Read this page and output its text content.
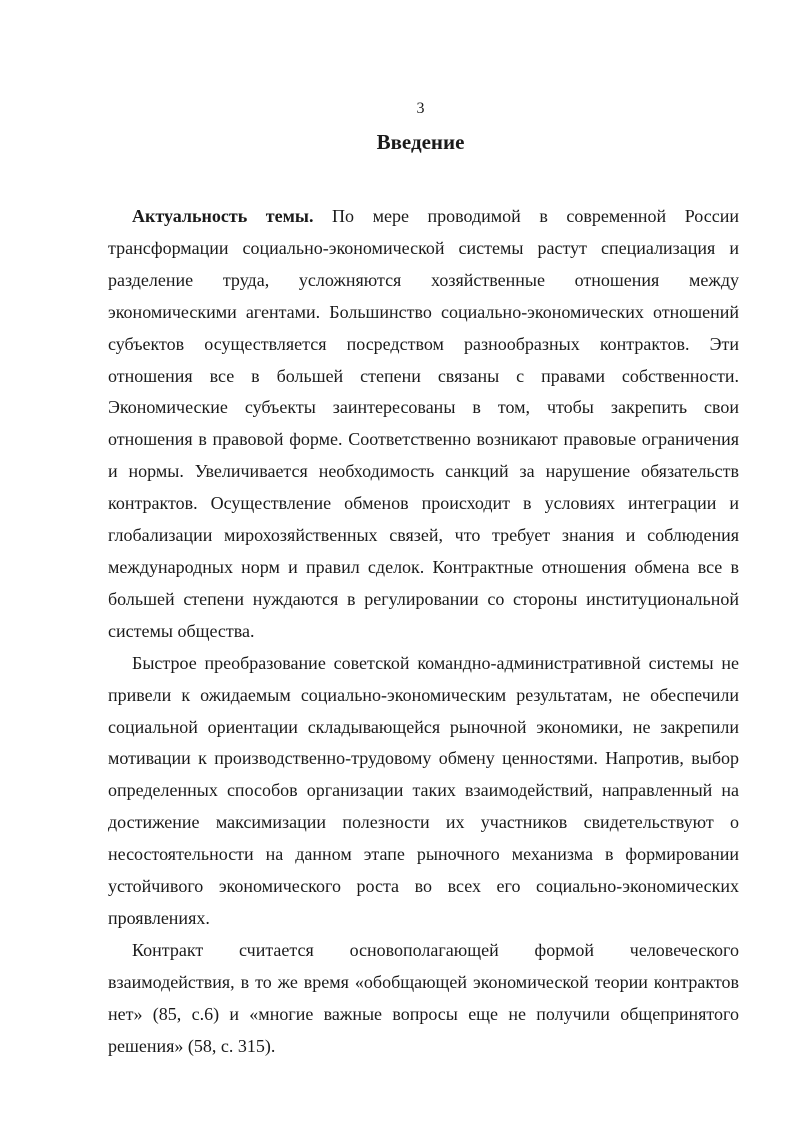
3
Введение

Актуальность темы. По мере проводимой в современной России трансформации социально-экономической системы растут специализация и разделение труда, усложняются хозяйственные отношения между экономическими агентами. Большинство социально-экономических отношений субъектов осуществляется посредством разнообразных контрактов. Эти отношения все в большей степени связаны с правами собственности. Экономические субъекты заинтересованы в том, чтобы закрепить свои отношения в правовой форме. Соответственно возникают правовые ограничения и нормы. Увеличивается необходимость санкций за нарушение обязательств контрактов. Осуществление обменов происходит в условиях интеграции и глобализации мирохозяйственных связей, что требует знания и соблюдения международных норм и правил сделок. Контрактные отношения обмена все в большей степени нуждаются в регулировании со стороны институциональной системы общества.

Быстрое преобразование советской командно-административной системы не привели к ожидаемым социально-экономическим результатам, не обеспечили социальной ориентации складывающейся рыночной экономики, не закрепили мотивации к производственно-трудовому обмену ценностями. Напротив, выбор определенных способов организации таких взаимодействий, направленный на достижение максимизации полезности их участников свидетельствуют о несостоятельности на данном этапе рыночного механизма в формировании устойчивого экономического роста во всех его социально-экономических проявлениях.

Контракт считается основополагающей формой человеческого взаимодействия, в то же время «обобщающей экономической теории контрактов нет» (85, с.6) и «многие важные вопросы еще не получили общепринятого решения» (58, с. 315).
